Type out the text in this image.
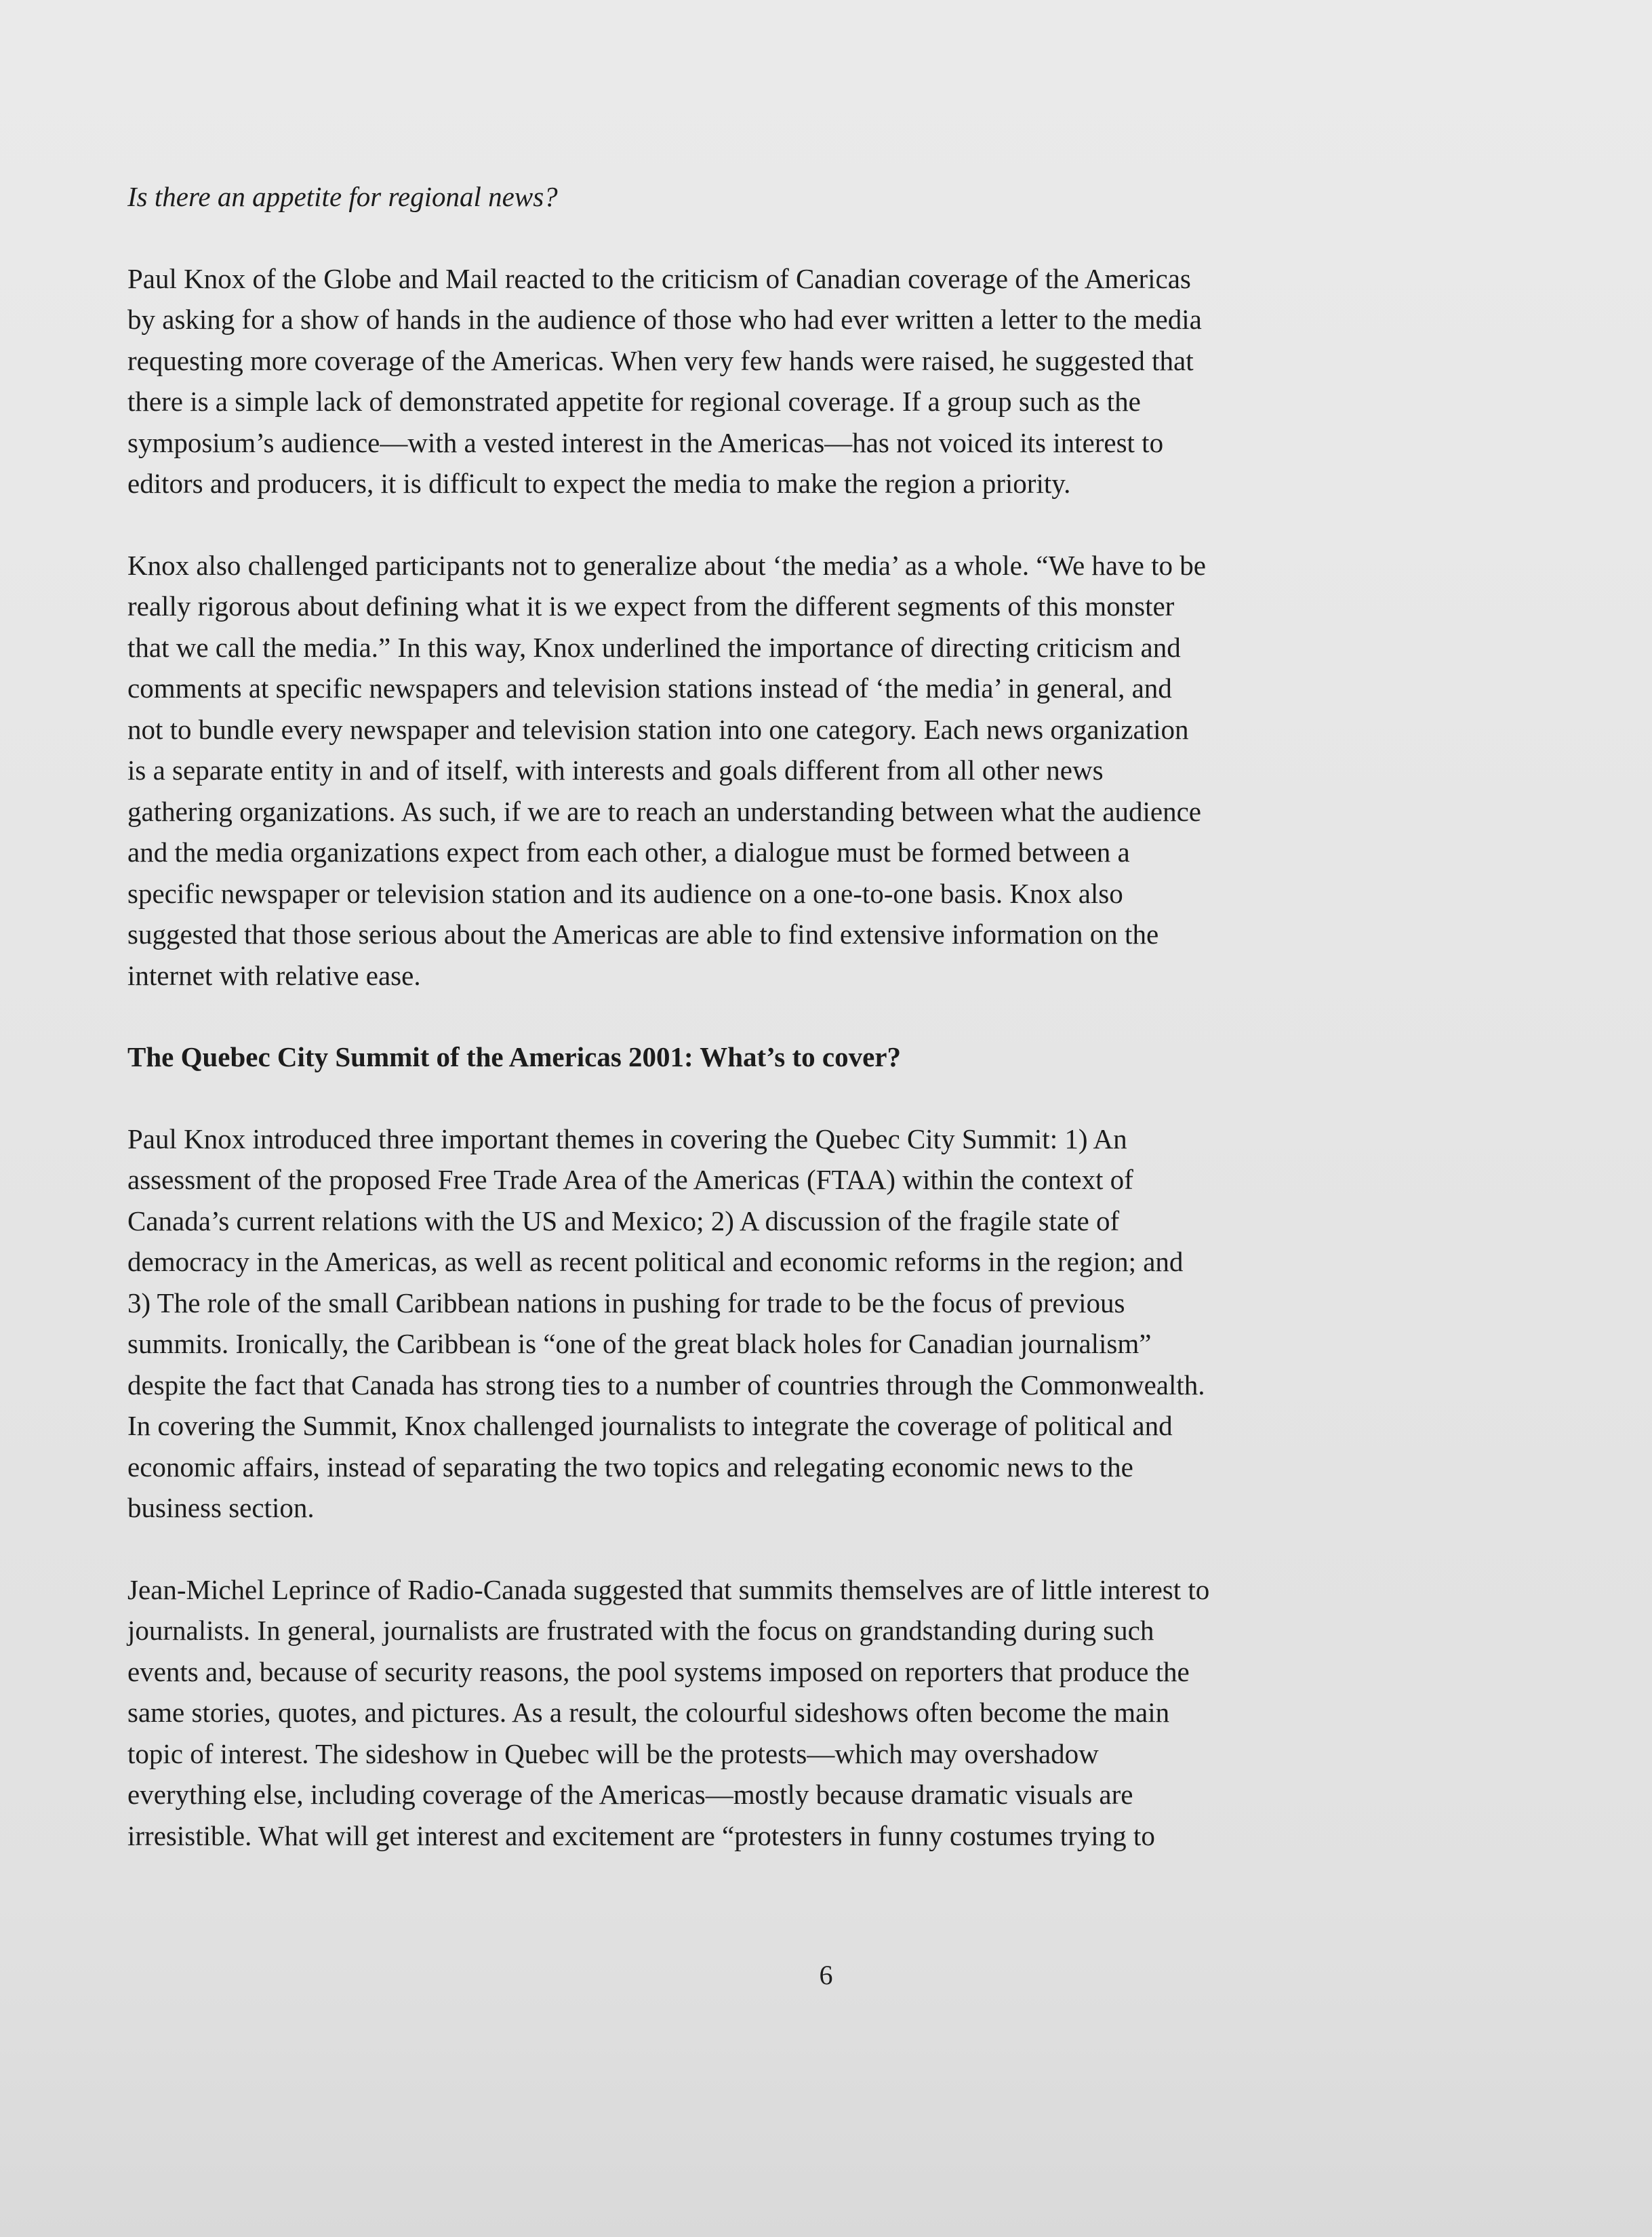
Is there an appetite for regional news?

Paul Knox of the Globe and Mail reacted to the criticism of Canadian coverage of the Americas
by asking for a show of hands in the audience of those who had ever written a letter to the media
requesting more coverage of the Americas. When very few hands were raised, he suggested that
there is a simple lack of demonstrated appetite for regional coverage. If a group such as the
symposium’s audience—with a vested interest in the Americas—has not voiced its interest to
editors and producers, it is difficult to expect the media to make the region a priority.

Knox also challenged participants not to generalize about ‘the media’ as a whole. “We have to be
really rigorous about defining what it is we expect from the different segments of this monster
that we call the media.” In this way, Knox underlined the importance of directing criticism and
comments at specific newspapers and television stations instead of ‘the media’ in general, and
not to bundle every newspaper and television station into one category. Each news organization
is a separate entity in and of itself, with interests and goals different from all other news
gathering organizations. As such, if we are to reach an understanding between what the audience
and the media organizations expect from each other, a dialogue must be formed between a
specific newspaper or television station and its audience on a one-to-one basis. Knox also
suggested that those serious about the Americas are able to find extensive information on the
internet with relative ease.

The Quebec City Summit of the Americas 2001: What’s to cover?

Paul Knox introduced three important themes in covering the Quebec City Summit: 1) An
assessment of the proposed Free Trade Area of the Americas (FTAA) within the context of
Canada’s current relations with the US and Mexico; 2) A discussion of the fragile state of
democracy in the Americas, as well as recent political and economic reforms in the region; and
3) The role of the small Caribbean nations in pushing for trade to be the focus of previous
summits. Ironically, the Caribbean is “one of the great black holes for Canadian journalism”
despite the fact that Canada has strong ties to a number of countries through the Commonwealth.
In covering the Summit, Knox challenged journalists to integrate the coverage of political and
economic affairs, instead of separating the two topics and relegating economic news to the
business section.

Jean-Michel Leprince of Radio-Canada suggested that summits themselves are of little interest to
journalists. In general, journalists are frustrated with the focus on grandstanding during such
events and, because of security reasons, the pool systems imposed on reporters that produce the
same stories, quotes, and pictures. As a result, the colourful sideshows often become the main
topic of interest. The sideshow in Quebec will be the protests—which may overshadow
everything else, including coverage of the Americas—mostly because dramatic visuals are
irresistible. What will get interest and excitement are “protesters in funny costumes trying to

6
